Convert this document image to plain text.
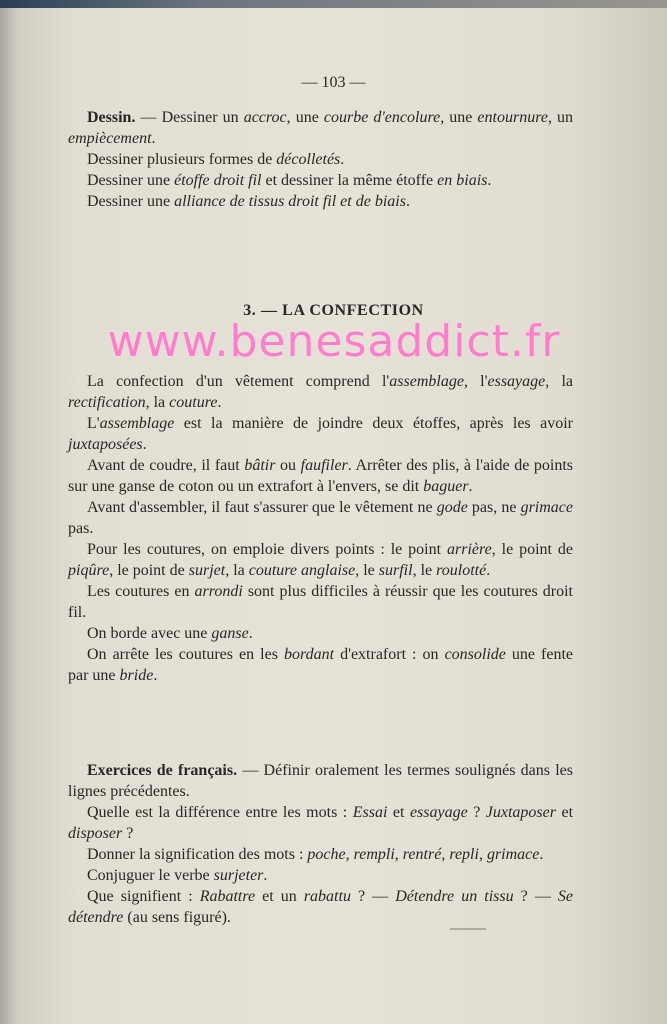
— 103 —

Dessin. — Dessiner un accroc, une courbe d'encolure, une entournure, un empiècement.

Dessiner plusieurs formes de décolletés.

Dessiner une étoffe droit fil et dessiner la même étoffe en biais.

Dessiner une alliance de tissus droit fil et de biais.

3. — LA CONFECTION

La confection d'un vêtement comprend l'assemblage, l'essayage, la rectification, la couture.

L'assemblage est la manière de joindre deux étoffes, après les avoir juxtaposées.

Avant de coudre, il faut bâtir ou faufiler. Arrêter des plis, à l'aide de points sur une ganse de coton ou un extrafort à l'envers, se dit baguer.

Avant d'assembler, il faut s'assurer que le vêtement ne gode pas, ne grimace pas.

Pour les coutures, on emploie divers points : le point arrière, le point de piqûre, le point de surjet, la couture anglaise, le surfil, le roulotté.

Les coutures en arrondi sont plus difficiles à réussir que les coutures droit fil.

On borde avec une ganse.

On arrête les coutures en les bordant d'extrafort : on consolide une fente par une bride.

Exercices de français. — Définir oralement les termes soulignés dans les lignes précédentes.

Quelle est la différence entre les mots : Essai et essayage ? Juxtaposer et disposer ?

Donner la signification des mots : poche, rempli, rentré, repli, grimace.

Conjuguer le verbe surjeter.

Que signifient : Rabattre et un rabattu ? — Détendre un tissu ? — Se détendre (au sens figuré).

www.benesaddict.fr
